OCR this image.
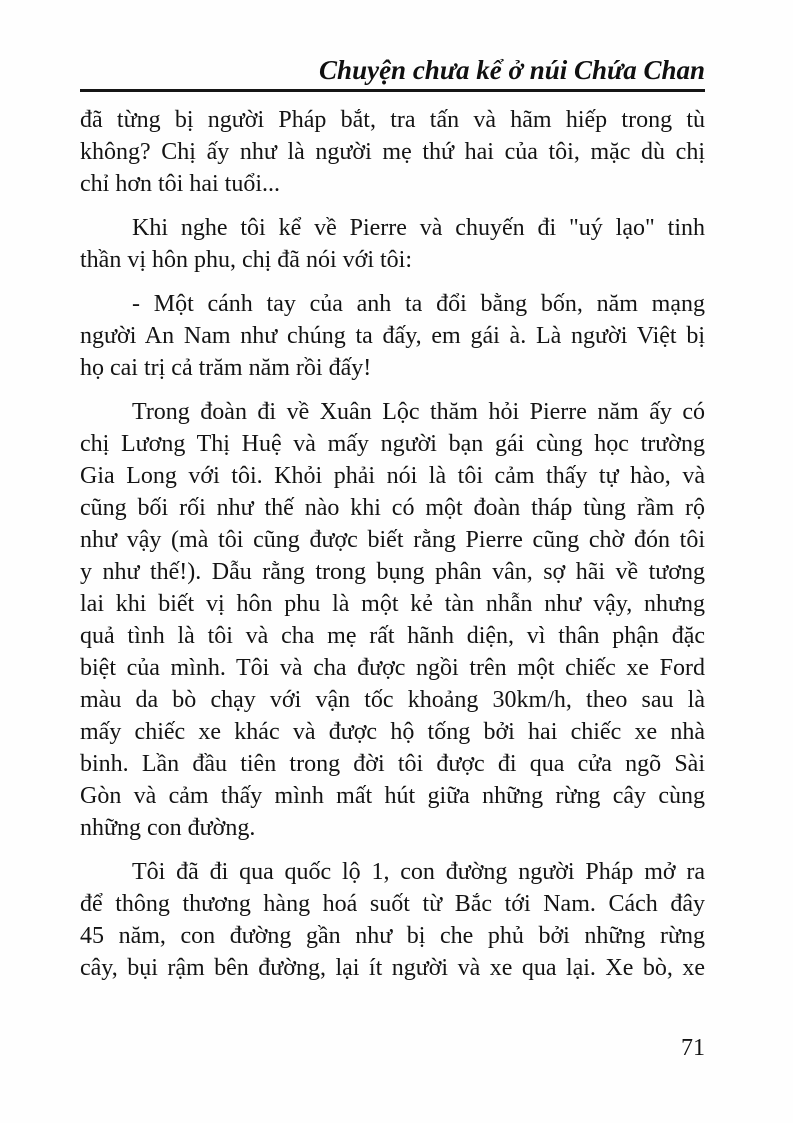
Chuyện chưa kể ở núi Chứa Chan
đã từng bị người Pháp bắt, tra tấn và hãm hiếp trong tù
không? Chị ấy như là người mẹ thứ hai của tôi, mặc dù chị
chỉ hơn tôi hai tuổi...
Khi nghe tôi kể về Pierre và chuyến đi "uý lạo" tinh
thần vị hôn phu, chị đã nói với tôi:
- Một cánh tay của anh ta đổi bằng bốn, năm mạng
người An Nam như chúng ta đấy, em gái à. Là người Việt bị
họ cai trị cả trăm năm rồi đấy!
Trong đoàn đi về Xuân Lộc thăm hỏi Pierre năm ấy có
chị Lương Thị Huệ và mấy người bạn gái cùng học trường
Gia Long với tôi. Khỏi phải nói là tôi cảm thấy tự hào, và
cũng bối rối như thế nào khi có một đoàn tháp tùng rầm rộ
như vậy (mà tôi cũng được biết rằng Pierre cũng chờ đón tôi
y như thế!). Dẫu rằng trong bụng phân vân, sợ hãi về tương
lai khi biết vị hôn phu là một kẻ tàn nhẫn như vậy, nhưng
quả tình là tôi và cha mẹ rất hãnh diện, vì thân phận đặc
biệt của mình. Tôi và cha được ngồi trên một chiếc xe Ford
màu da bò chạy với vận tốc khoảng 30km/h, theo sau là
mấy chiếc xe khác và được hộ tống bởi hai chiếc xe nhà
binh. Lần đầu tiên trong đời tôi được đi qua cửa ngõ Sài
Gòn và cảm thấy mình mất hút giữa những rừng cây cùng
những con đường.
Tôi đã đi qua quốc lộ 1, con đường người Pháp mở ra
để thông thương hàng hoá suốt từ Bắc tới Nam. Cách đây
45 năm, con đường gần như bị che phủ bởi những rừng
cây, bụi rậm bên đường, lại ít người và xe qua lại. Xe bò, xe
71
